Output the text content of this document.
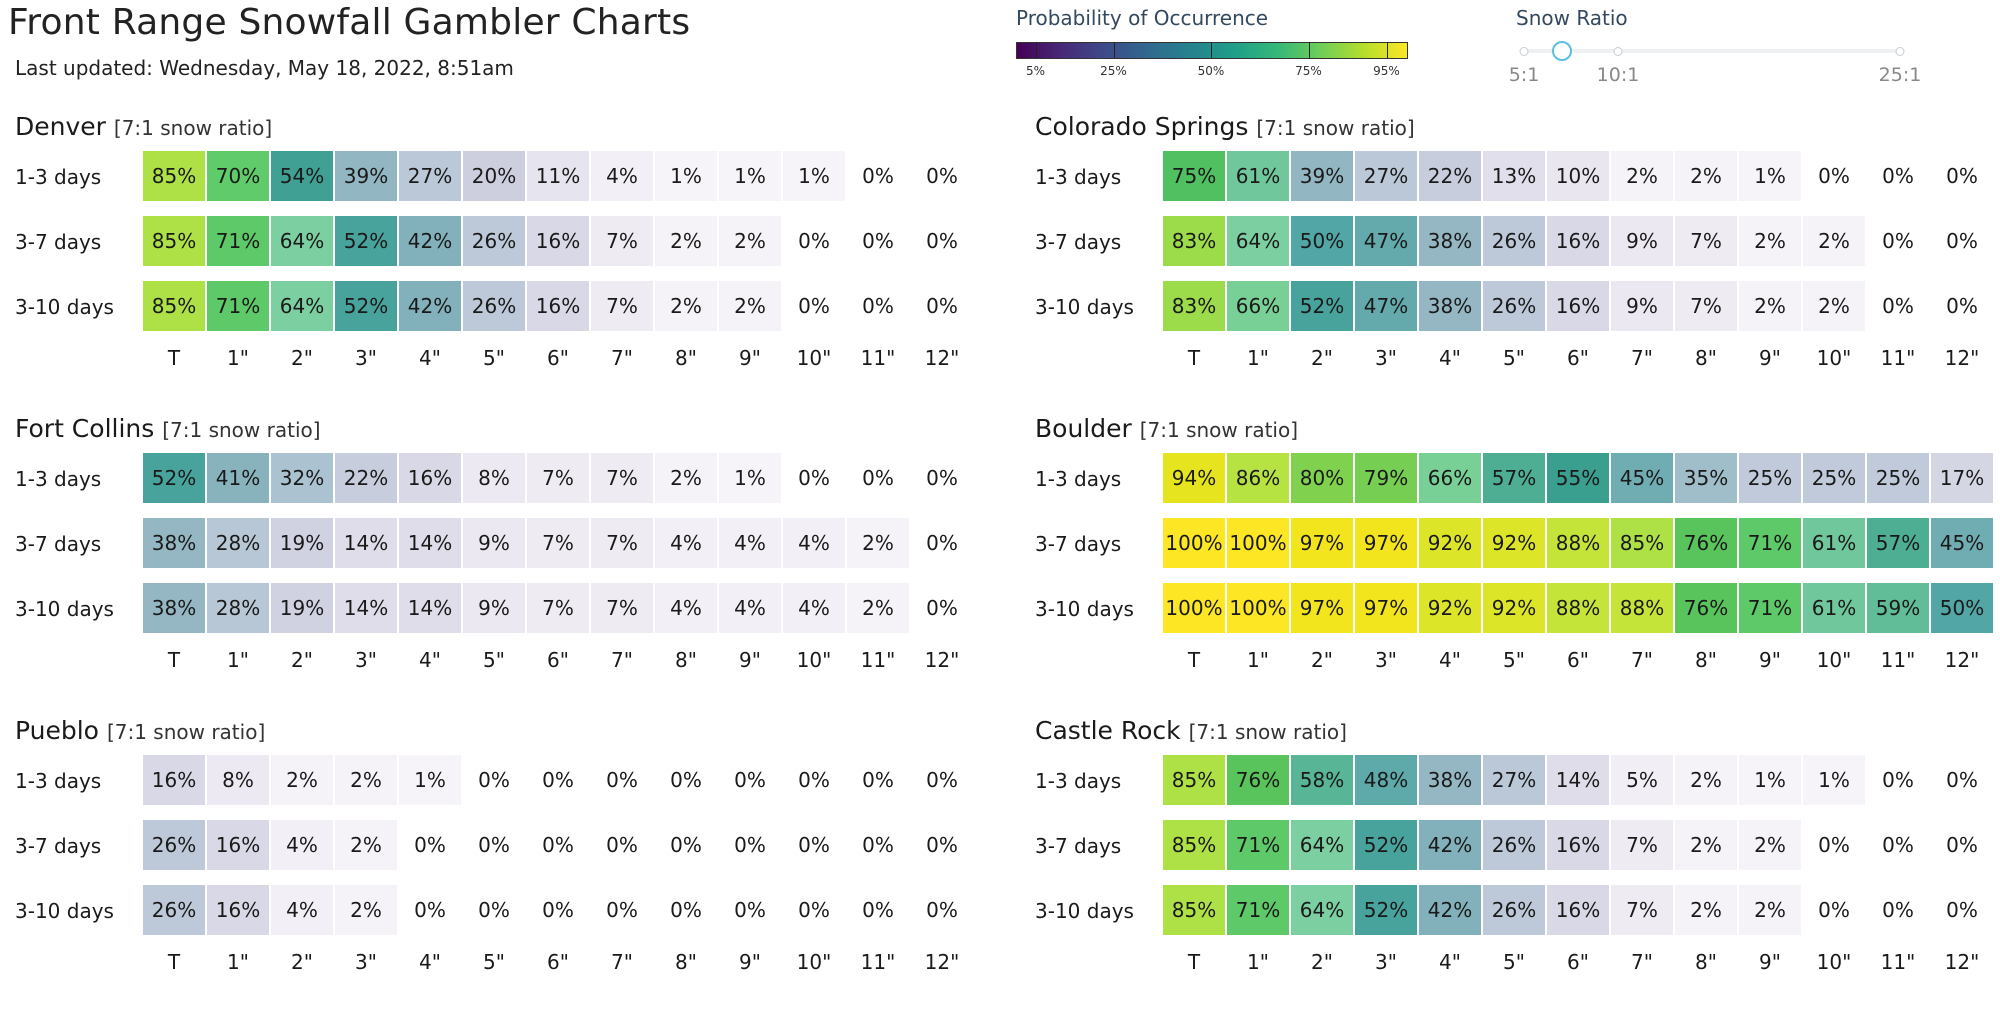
Front Range Snowfall Gambler Charts
Last updated: Wednesday, May 18, 2022, 8:51am
Probability of Occurrence
5%	25%	50%	75%	95%
Snow Ratio
5:1	10:1	25:1
Denver [7:1 snow ratio]
1-3 days	85% 70% 54% 39% 27% 20% 11%	4%	1%	1%	1%	0%	0%
3-7 days	85% 71% 64% 52% 42% 26% 16%	7%	2%	2%	0%	0%	0%
3-10 days	85% 71% 64% 52% 42% 26% 16%	7%	2%	2%	0%	0%	0%
T	1"	2"	3"	4"	5"	6"	7"	8"	9"	10"	11"	12"
Colorado Springs [7:1 snow ratio]
1-3 days	75% 61% 39% 27% 22% 13% 10%	2%	2%	1%	0%	0%	0%
3-7 days	83% 64% 50% 47% 38% 26% 16%	9%	7%	2%	2%	0%	0%
3-10 days	83% 66% 52% 47% 38% 26% 16%	9%	7%	2%	2%	0%	0%
T	1"	2"	3"	4"	5"	6"	7"	8"	9"	10"	11"	12"
Fort Collins [7:1 snow ratio]
1-3 days	52% 41% 32% 22% 16%	8%	7%	7%	2%	1%	0%	0%	0%
3-7 days	38% 28% 19% 14% 14%	9%	7%	7%	4%	4%	4%	2%	0%
3-10 days	38% 28% 19% 14% 14%	9%	7%	7%	4%	4%	4%	2%	0%
T	1"	2"	3"	4"	5"	6"	7"	8"	9"	10"	11"	12"
Boulder [7:1 snow ratio]
1-3 days	94% 86% 80% 79% 66% 57% 55% 45% 35% 25% 25% 25% 17%
3-7 days 100% 100% 97% 97% 92% 92% 88% 85% 76% 71% 61% 57% 45%
3-10 days 100% 100% 97% 97% 92% 92% 88% 88% 76% 71% 61% 59% 50%
T	1"	2"	3"	4"	5"	6"	7"	8"	9"	10"	11"	12"
Pueblo [7:1 snow ratio]
1-3 days	16%	8%	2%	2%	1%	0%	0%	0%	0%	0%	0%	0%	0%
3-7 days	26% 16%	4%	2%	0%	0%	0%	0%	0%	0%	0%	0%	0%
3-10 days	26% 16%	4%	2%	0%	0%	0%	0%	0%	0%	0%	0%	0%
T	1"	2"	3"	4"	5"	6"	7"	8"	9"	10"	11"	12"
Castle Rock [7:1 snow ratio]
1-3 days	85% 76% 58% 48% 38% 27% 14%	5%	2%	1%	1%	0%	0%
3-7 days	85% 71% 64% 52% 42% 26% 16%	7%	2%	2%	0%	0%	0%
3-10 days	85% 71% 64% 52% 42% 26% 16%	7%	2%	2%	0%	0%	0%
T	1"	2"	3"	4"	5"	6"	7"	8"	9"	10"	11"	12"
